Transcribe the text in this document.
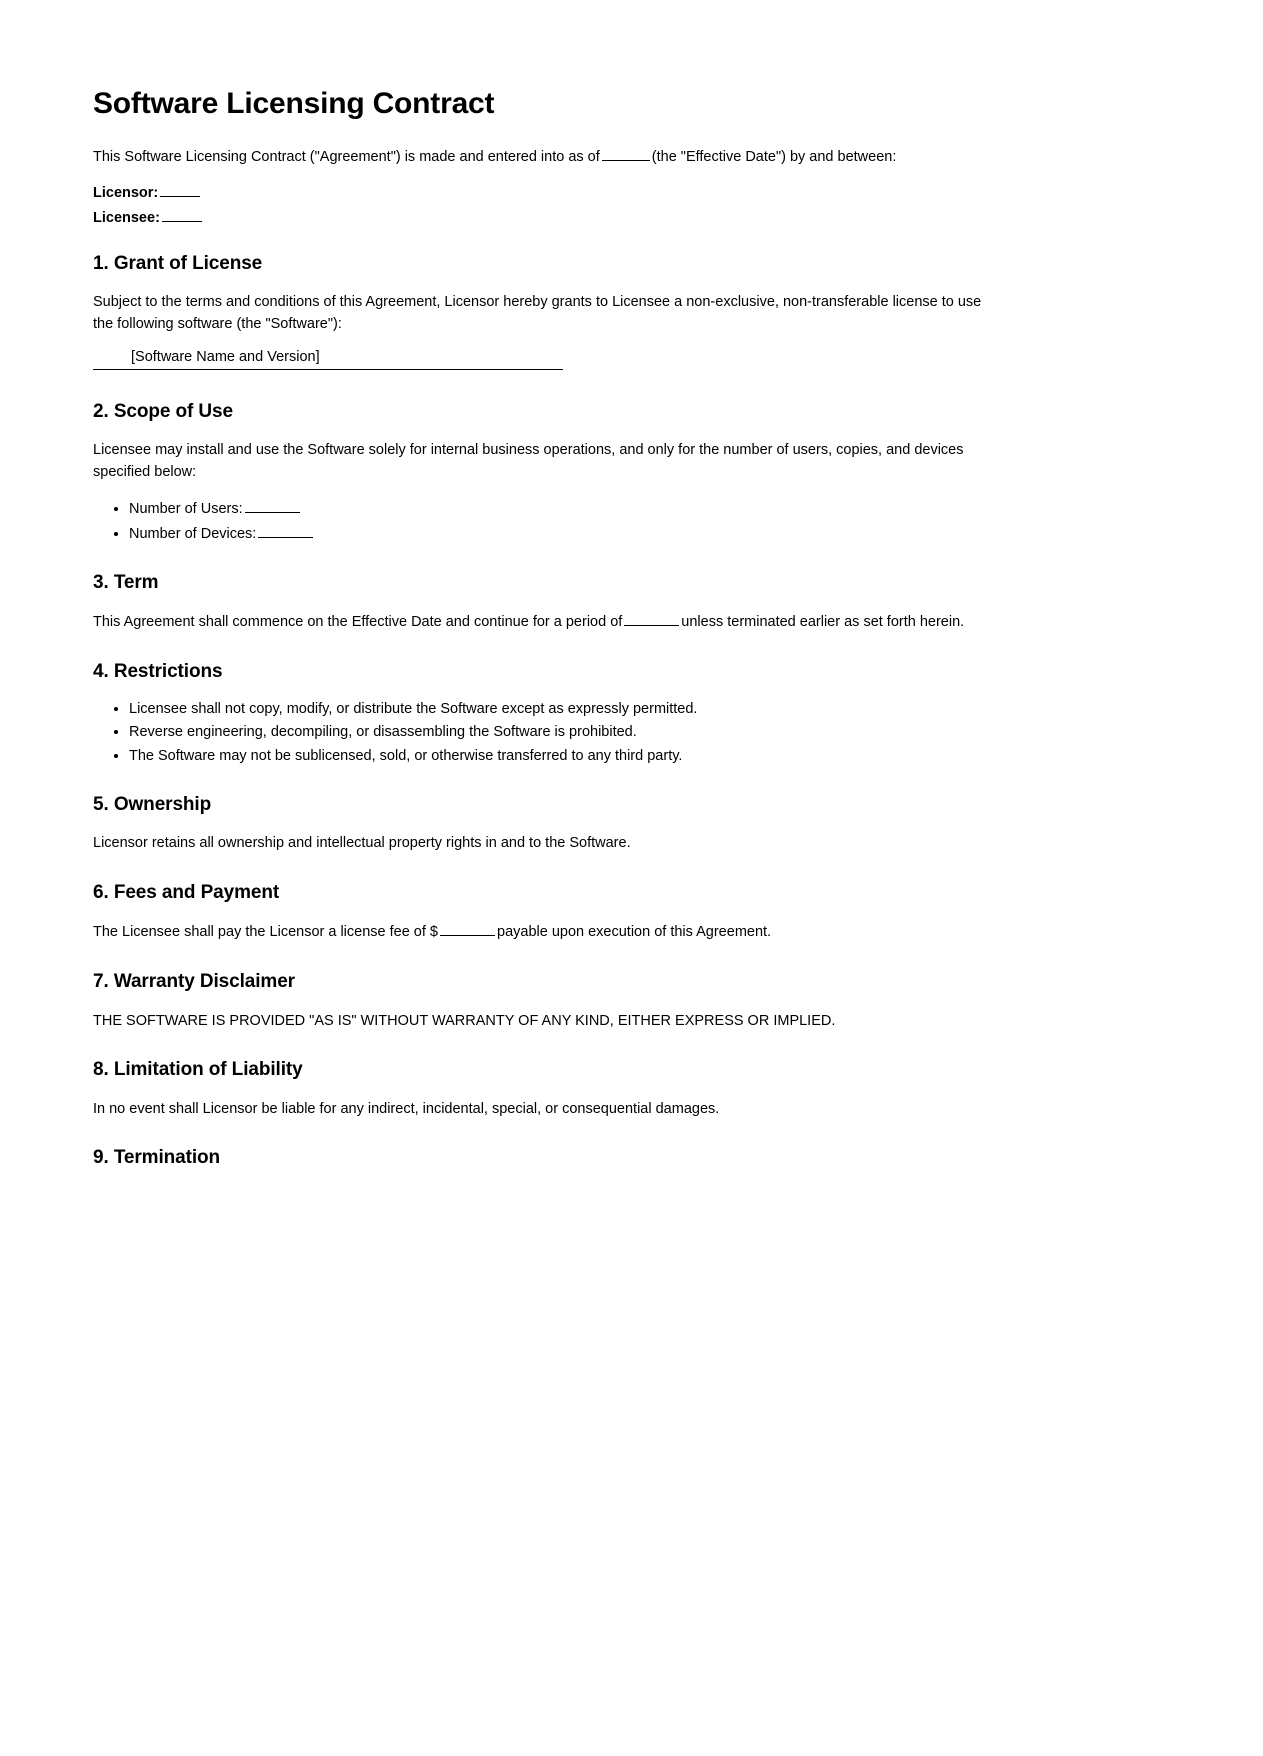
Software Licensing Contract

This Software Licensing Contract ("Agreement") is made and entered into as of	(the "Effective Date") by and between:

Licensor:
Licensee:
1. Grant of License

Subject to the terms and conditions of this Agreement, Licensor hereby grants to Licensee a non-exclusive, non-transferable license to use the following software (the "Software"):

[Software Name and Version]
2. Scope of Use

Licensee may install and use the Software solely for internal business operations, and only for the number of users, copies, and devices specified below:

• Number of Users:
• Number of Devices:
3. Term

This Agreement shall commence on the Effective Date and continue for a period of	unless terminated earlier as set forth herein.

4. Restrictions
• Licensee shall not copy, modify, or distribute the Software except as expressly permitted.
• Reverse engineering, decompiling, or disassembling the Software is prohibited.
• The Software may not be sublicensed, sold, or otherwise transferred to any third party.
5. Ownership

Licensor retains all ownership and intellectual property rights in and to the Software.

6. Fees and Payment

The Licensee shall pay the Licensor a license fee of $	payable upon execution of this Agreement.

7. Warranty Disclaimer

THE SOFTWARE IS PROVIDED "AS IS" WITHOUT WARRANTY OF ANY KIND, EITHER EXPRESS OR IMPLIED.

8. Limitation of Liability

In no event shall Licensor be liable for any indirect, incidental, special, or consequential damages.

9. Termination
